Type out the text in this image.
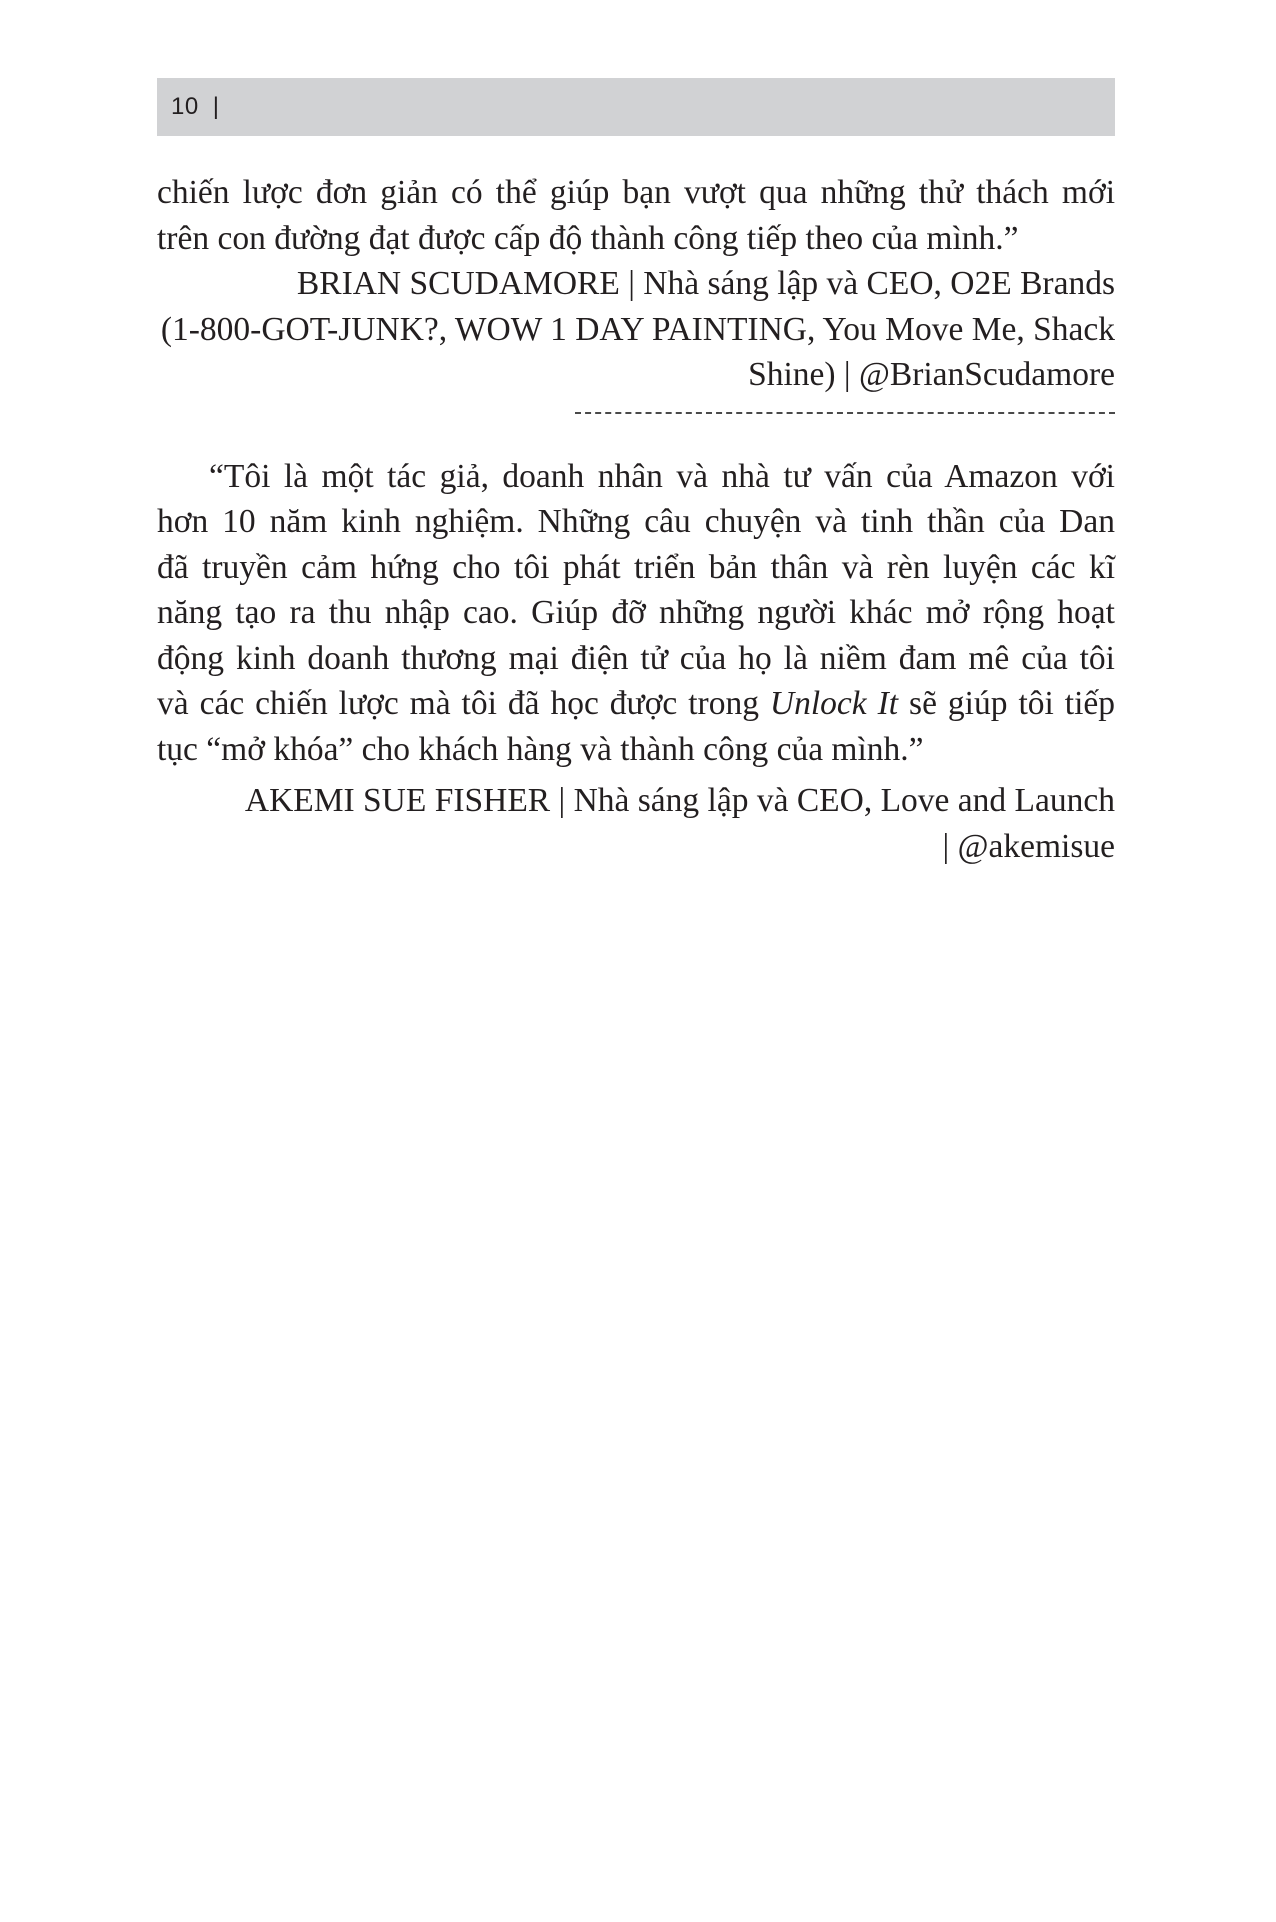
10 |

chiến lược đơn giản có thể giúp bạn vượt qua những thử thách mới
trên con đường đạt được cấp độ thành công tiếp theo của mình.”

BRIAN SCUDAMORE | Nhà sáng lập và CEO, O2E Brands
(1-800-GOT-JUNK?, WOW 1 DAY PAINTING, You Move Me, Shack
Shine) | @BrianScudamore

“Tôi là một tác giả, doanh nhân và nhà tư vấn của Amazon với
hơn 10 năm kinh nghiệm. Những câu chuyện và tinh thần của Dan
đã truyền cảm hứng cho tôi phát triển bản thân và rèn luyện các kĩ
năng tạo ra thu nhập cao. Giúp đỡ những người khác mở rộng hoạt
động kinh doanh thương mại điện tử của họ là niềm đam mê của tôi
và các chiến lược mà tôi đã học được trong Unlock It sẽ giúp tôi tiếp
tục “mở khóa” cho khách hàng và thành công của mình.”

AKEMI SUE FISHER | Nhà sáng lập và CEO, Love and Launch
| @akemisue
